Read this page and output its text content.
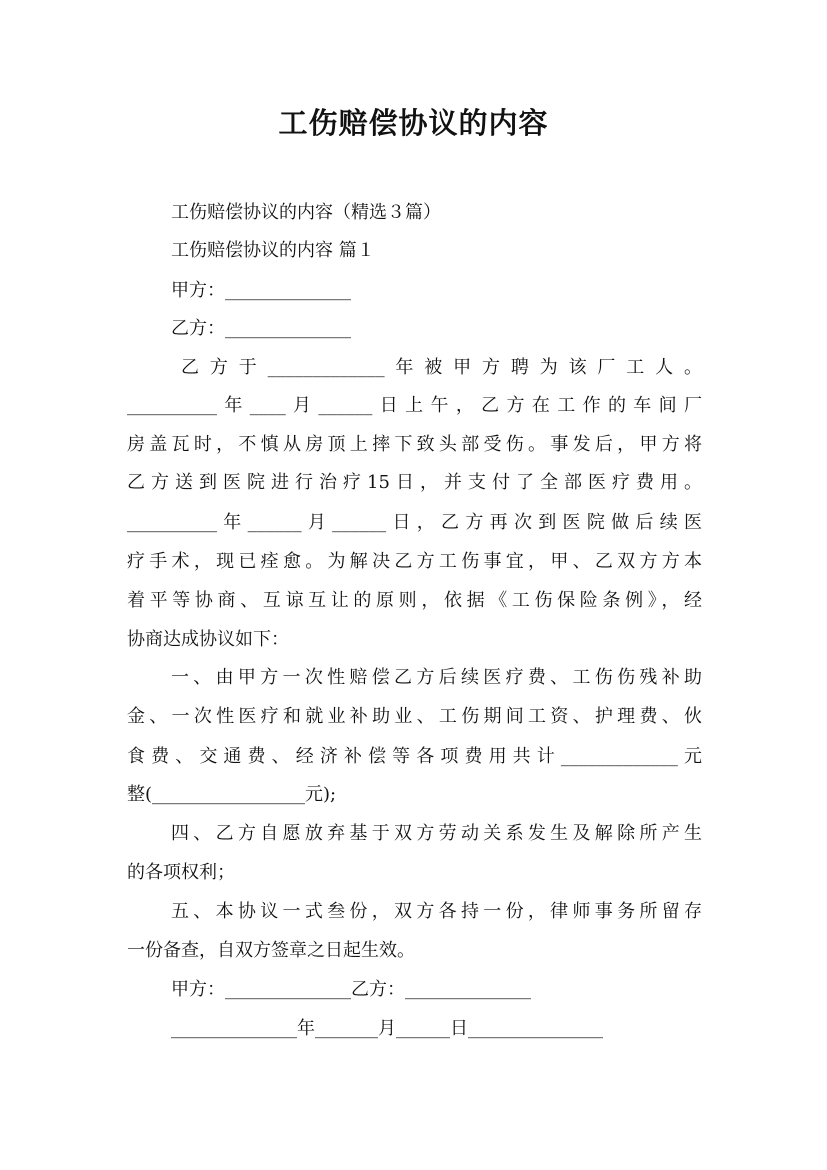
工伤赔偿协议的内容
工伤赔偿协议的内容（精选３篇）
工伤赔偿协议的内容 篇１
甲方：______________
乙方：______________
乙方于_____________年被甲方聘为该厂工人。
__________年____月______日上午，乙方在工作的车间厂
房盖瓦时，不慎从房顶上摔下致头部受伤。事发后，甲方将
乙方送到医院进行治疗15日，并支付了全部医疗费用。
__________年______月______日，乙方再次到医院做后续医
疗手术，现已痊愈。为解决乙方工伤事宜，甲、乙双方方本
着平等协商、互谅互让的原则，依据《工伤保险条例》，经
协商达成协议如下：
一、由甲方一次性赔偿乙方后续医疗费、工伤伤残补助
金、一次性医疗和就业补助业、工伤期间工资、护理费、伙
食费、交通费、经济补偿等各项费用共计_____________元
整(_________________元);
四、乙方自愿放弃基于双方劳动关系发生及解除所产生
的各项权利；
五、本协议一式叁份，双方各持一份，律师事务所留存
一份备查，自双方签章之日起生效。
甲方：______________乙方：______________
______________年_______月______日_______________
